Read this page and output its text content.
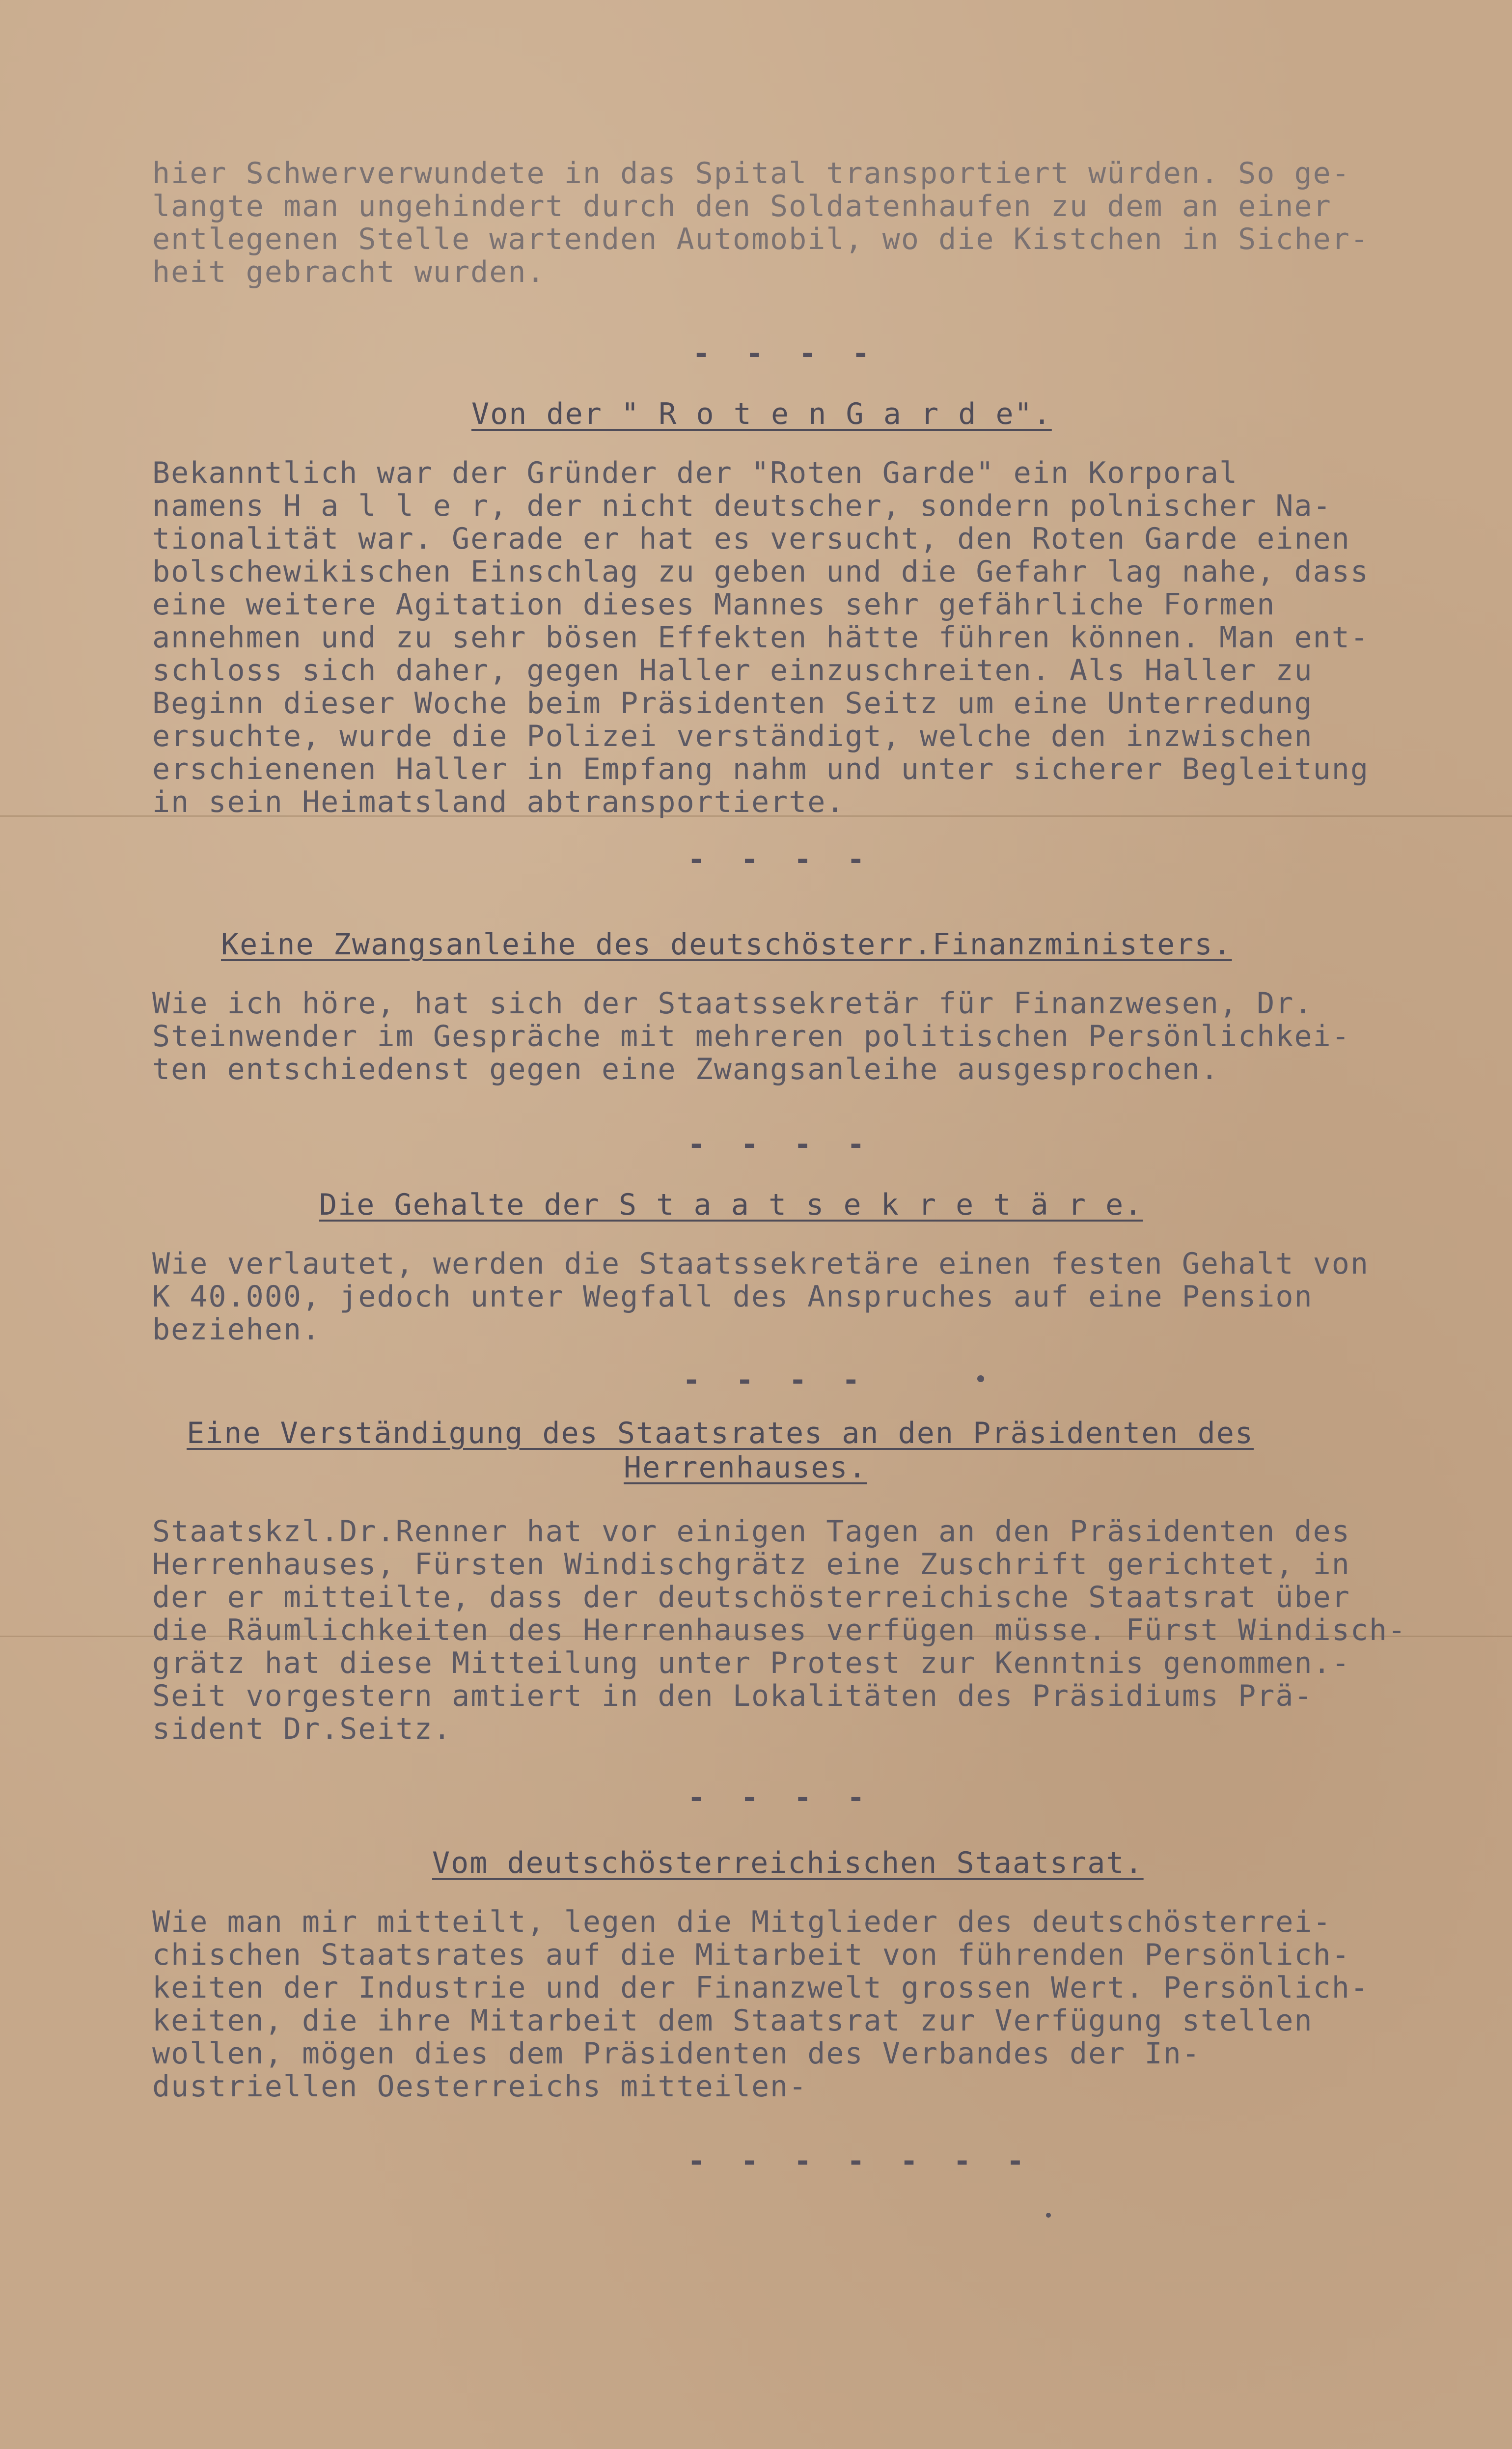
hier Schwerverwundete in das Spital transportiert würden. So ge-
langte man ungehindert durch den Soldatenhaufen zu dem an einer
entlegenen Stelle wartenden Automobil, wo die Kistchen in Sicher-
heit gebracht wurden.
- - - -
Von der " R o t e n G a r d e".
Bekanntlich war der Gründer der "Roten Garde" ein Korporal
namens H a l l e r, der nicht deutscher, sondern polnischer Na-
tionalität war. Gerade er hat es versucht, den Roten Garde einen
bolschewikischen Einschlag zu geben und die Gefahr lag nahe, dass
eine weitere Agitation dieses Mannes sehr gefährliche Formen
annehmen und zu sehr bösen Effekten hätte führen können. Man ent-
schloss sich daher, gegen Haller einzuschreiten. Als Haller zu
Beginn dieser Woche beim Präsidenten Seitz um eine Unterredung
ersuchte, wurde die Polizei verständigt, welche den inzwischen
erschienenen Haller in Empfang nahm und unter sicherer Begleitung
in sein Heimatsland abtransportierte.
- - - -
Keine Zwangsanleihe des deutschösterr.Finanzministers.
Wie ich höre, hat sich der Staatssekretär für Finanzwesen, Dr.
Steinwender im Gespräche mit mehreren politischen Persönlichkei-
ten entschiedenst gegen eine Zwangsanleihe ausgesprochen.
- - - -
Die Gehalte der S t a a t s e k r e t ä r e.
Wie verlautet, werden die Staatssekretäre einen festen Gehalt von
K 40.000, jedoch unter Wegfall des Anspruches auf eine Pension
beziehen.
- - - -
Eine Verständigung des Staatsrates an den Präsidenten des
Herrenhauses.
Staatskzl.Dr.Renner hat vor einigen Tagen an den Präsidenten des
Herrenhauses, Fürsten Windischgrätz eine Zuschrift gerichtet, in
der er mitteilte, dass der deutschösterreichische Staatsrat über
die Räumlichkeiten des Herrenhauses verfügen müsse. Fürst Windisch-
grätz hat diese Mitteilung unter Protest zur Kenntnis genommen.-
Seit vorgestern amtiert in den Lokalitäten des Präsidiums Prä-
sident Dr.Seitz.
- - - -
Vom deutschösterreichischen Staatsrat.
Wie man mir mitteilt, legen die Mitglieder des deutschösterrei-
chischen Staatsrates auf die Mitarbeit von führenden Persönlich-
keiten der Industrie und der Finanzwelt grossen Wert. Persönlich-
keiten, die ihre Mitarbeit dem Staatsrat zur Verfügung stellen
wollen, mögen dies dem Präsidenten des Verbandes der In-
dustriellen Oesterreichs mitteilen-
- - - - - - -
